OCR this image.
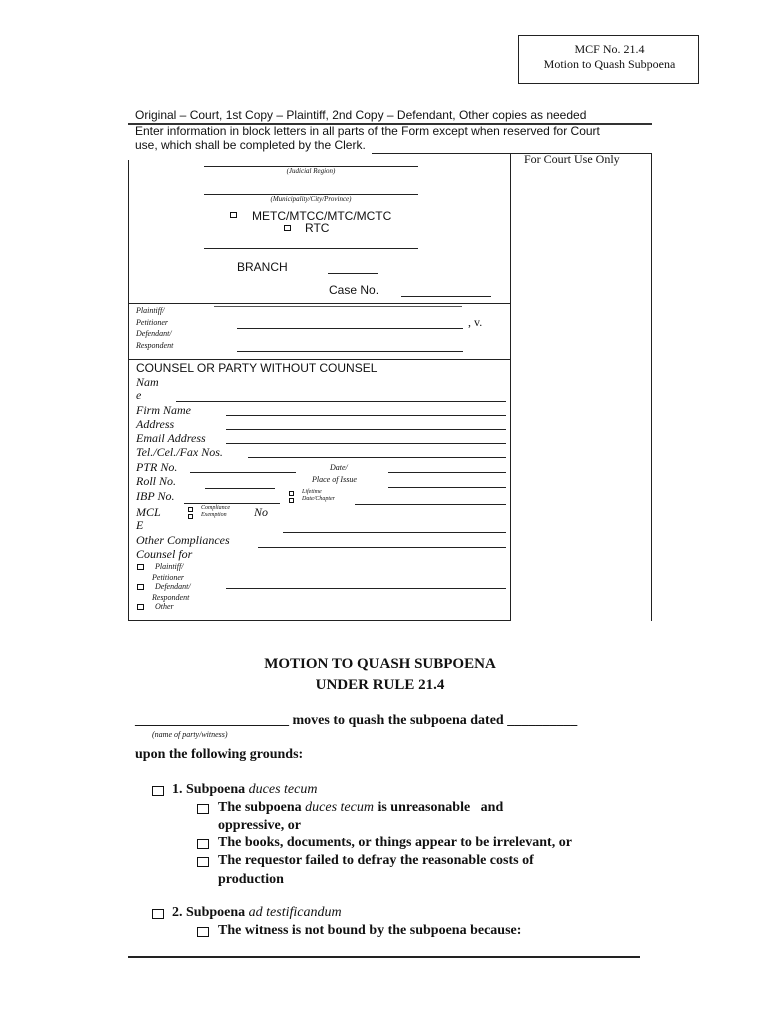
MCF No. 21.4
Motion to Quash Subpoena
Original – Court, 1st Copy – Plaintiff, 2nd Copy – Defendant, Other copies as needed
Enter information in block letters in all parts of the Form except when reserved for Court
use, which shall be completed by the Clerk.
For Court Use Only
(Judicial Region)
(Municipality/City/Province)
METC/MTCC/MTC/MCTC
RTC
BRANCH
Case No.
Plaintiff/
Petitioner	, v.
Defendant/
Respondent
COUNSEL OR PARTY WITHOUT COUNSEL
Nam
e
Firm Name
Address
Email Address
Tel./Cel./Fax Nos.
PTR No.	Date/
Roll No.	Place of Issue
IBP No.	Lifetime
Date/Chapter
MCL
E
Compliance
Exemption No
Other Compliances
Counsel for
Plaintiff/
Petitioner
Defendant/
Respondent
Other
MOTION TO QUASH SUBPOENA
UNDER RULE 21.4
______________________ moves to quash the subpoena dated __________
(name of party/witness)
upon the following grounds:
1. Subpoena duces tecum
The subpoena duces tecum is unreasonable   and
oppressive, or
The books, documents, or things appear to be irrelevant, or
The requestor failed to defray the reasonable costs of
production
2. Subpoena ad testificandum
The witness is not bound by the subpoena because:
